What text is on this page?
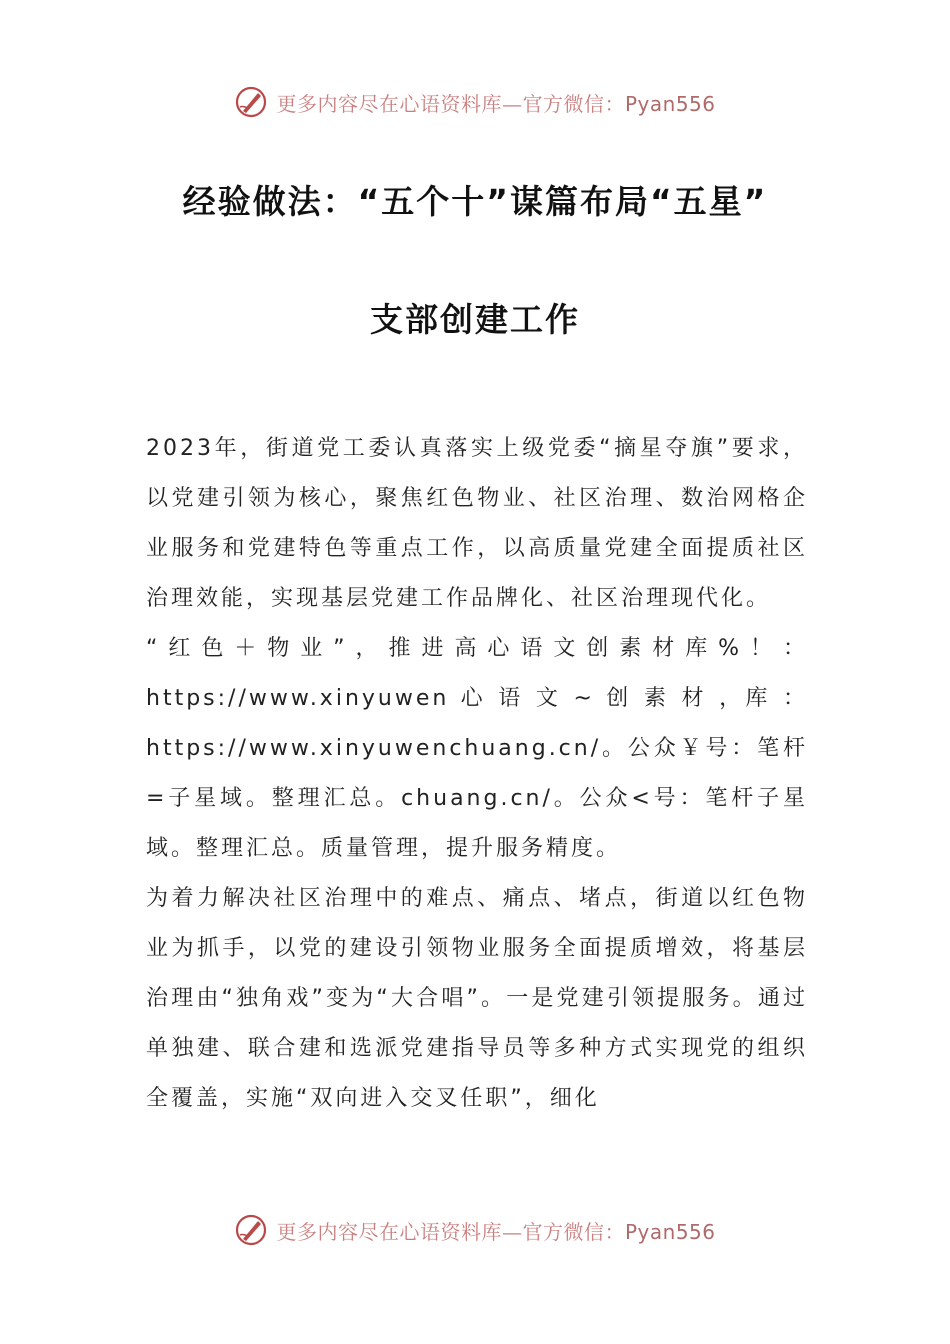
更多内容尽在心语资料库—官方微信：Pyan556
经验做法：“五个十”谋篇布局“五星”
支部创建工作

2023年，街道党工委认真落实上级党委“摘星夺旗”要求，以党建引领为核心，聚焦红色物业、社区治理、数治网格企业服务和党建特色等重点工作，以高质量党建全面提质社区治理效能，实现基层党建工作品牌化、社区治理现代化。

“红色＋物业”，推进高心语文创素材库%！：https://www.xinyuwen 心 语 文 ~ 创 素 材 ，库 ： https://www.xinyuwenchuang.cn/。公众￥号：笔杆=子星域。整理汇总。chuang.cn/。公众<号：笔杆子星域。整理汇总。质量管理，提升服务精度。

为着力解决社区治理中的难点、痛点、堵点，街道以红色物业为抓手，以党的建设引领物业服务全面提质增效，将基层治理由“独角戏”变为“大合唱”。一是党建引领提服务。通过单独建、联合建和选派党建指导员等多种方式实现党的组织全覆盖，实施“双向进入交叉任职”，细化

更多内容尽在心语资料库—官方微信：Pyan556
